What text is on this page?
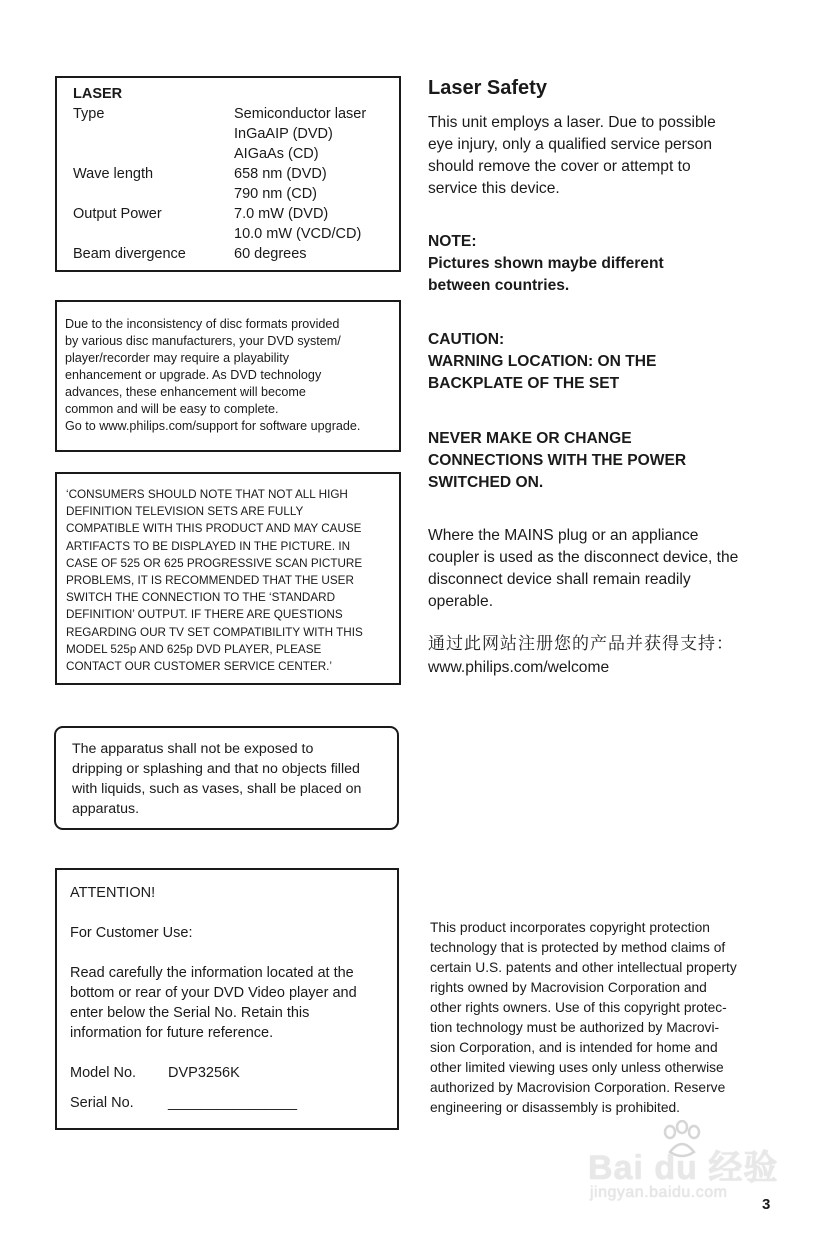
LASER
Type	Semiconductor laser
InGaAIP (DVD)
AIGaAs (CD)
Wave length	658 nm (DVD)
790 nm (CD)
Output Power	7.0 mW (DVD)
10.0 mW (VCD/CD)
Beam divergence	60 degrees
Due to the inconsistency of disc formats provided
by various disc manufacturers, your DVD system/
player/recorder may require a playability
enhancement or upgrade. As DVD technology
advances, these enhancement will become
common and will be easy to complete.
Go to www.philips.com/support for software upgrade.
‘CONSUMERS SHOULD NOTE THAT NOT ALL HIGH
DEFINITION TELEVISION SETS ARE FULLY
COMPATIBLE WITH THIS PRODUCT AND MAY CAUSE
ARTIFACTS TO BE DISPLAYED IN THE PICTURE. IN
CASE OF 525 OR 625 PROGRESSIVE SCAN PICTURE
PROBLEMS, IT IS RECOMMENDED THAT THE USER
SWITCH THE CONNECTION TO THE ‘STANDARD
DEFINITION’ OUTPUT. IF THERE ARE QUESTIONS
REGARDING OUR TV SET COMPATIBILITY WITH THIS
MODEL 525p AND 625p DVD PLAYER, PLEASE
CONTACT OUR CUSTOMER SERVICE CENTER.’
The apparatus shall not be exposed to
dripping or splashing and that no objects filled
with liquids, such as vases, shall be placed on
apparatus.

ATTENTION!

For Customer Use:

Read carefully the information located at the

bottom or rear of your DVD Video player and

enter below the Serial No. Retain this

information for future reference.

Model No.	DVP3256K
Serial No.	________________
Laser Safety
This unit employs a laser. Due to possible
eye injury, only a qualified service person
should remove the cover or attempt to
service this device.
NOTE:
Pictures shown maybe different
between countries.
CAUTION:
WARNING LOCATION: ON THE
BACKPLATE OF THE SET
NEVER MAKE OR CHANGE
CONNECTIONS WITH THE POWER
SWITCHED ON.
Where the MAINS plug or an appliance
coupler is used as the disconnect device, the
disconnect device shall remain readily
operable.
通过此网站注册您的产品并获得支持：
www.philips.com/welcome
This product incorporates copyright protection
technology that is protected by method claims of
certain U.S. patents and other intellectual property
rights owned by Macrovision Corporation and
other rights owners. Use of this copyright protec-
tion technology must be authorized by Macrovi-
sion Corporation, and is intended for home and
other limited viewing uses only unless otherwise
authorized by Macrovision Corporation. Reserve
engineering or disassembly is prohibited.
Bai du 经验
jingyan.baidu.com
3
